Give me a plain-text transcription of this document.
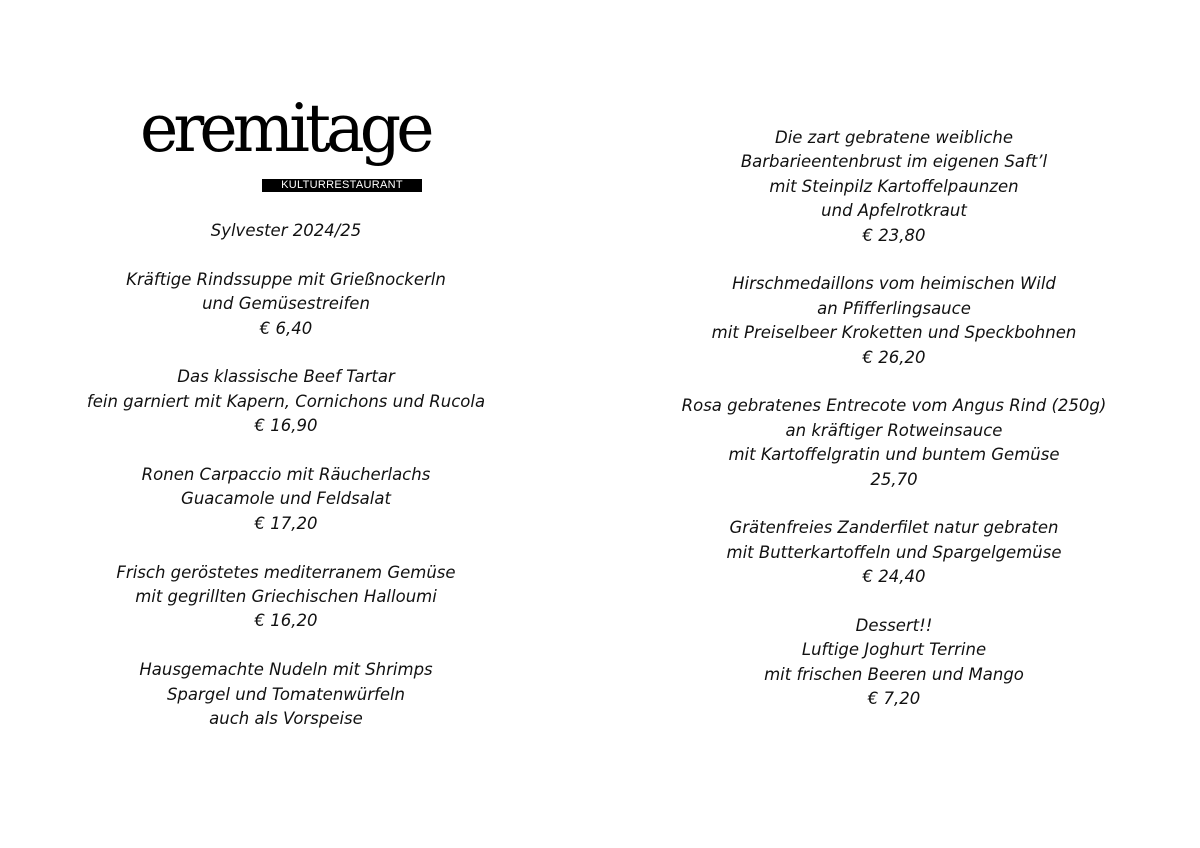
eremitage
KULTURRESTAURANT
Sylvester 2024/25
Kräftige Rindssuppe mit Grießnockerln
und Gemüsestreifen
€ 6,40
Das klassische Beef Tartar
fein garniert mit Kapern, Cornichons und Rucola
€ 16,90
Ronen Carpaccio mit Räucherlachs
Guacamole und Feldsalat
€ 17,20
Frisch geröstetes mediterranem Gemüse
mit gegrillten Griechischen Halloumi
€ 16,20
Hausgemachte Nudeln mit Shrimps
Spargel und Tomatenwürfeln
auch als Vorspeise
Die zart gebratene weibliche
Barbarieentenbrust im eigenen Saft’l
mit Steinpilz Kartoffelpaunzen
und Apfelrotkraut
€ 23,80
Hirschmedaillons vom heimischen Wild
an Pfifferlingsauce
mit Preiselbeer Kroketten und Speckbohnen
€ 26,20
Rosa gebratenes Entrecote vom Angus Rind (250g)
an kräftiger Rotweinsauce
mit Kartoffelgratin und buntem Gemüse
25,70
Grätenfreies Zanderfilet natur gebraten
mit Butterkartoffeln und Spargelgemüse
€ 24,40
Dessert!!
Luftige Joghurt Terrine
mit frischen Beeren und Mango
€ 7,20
